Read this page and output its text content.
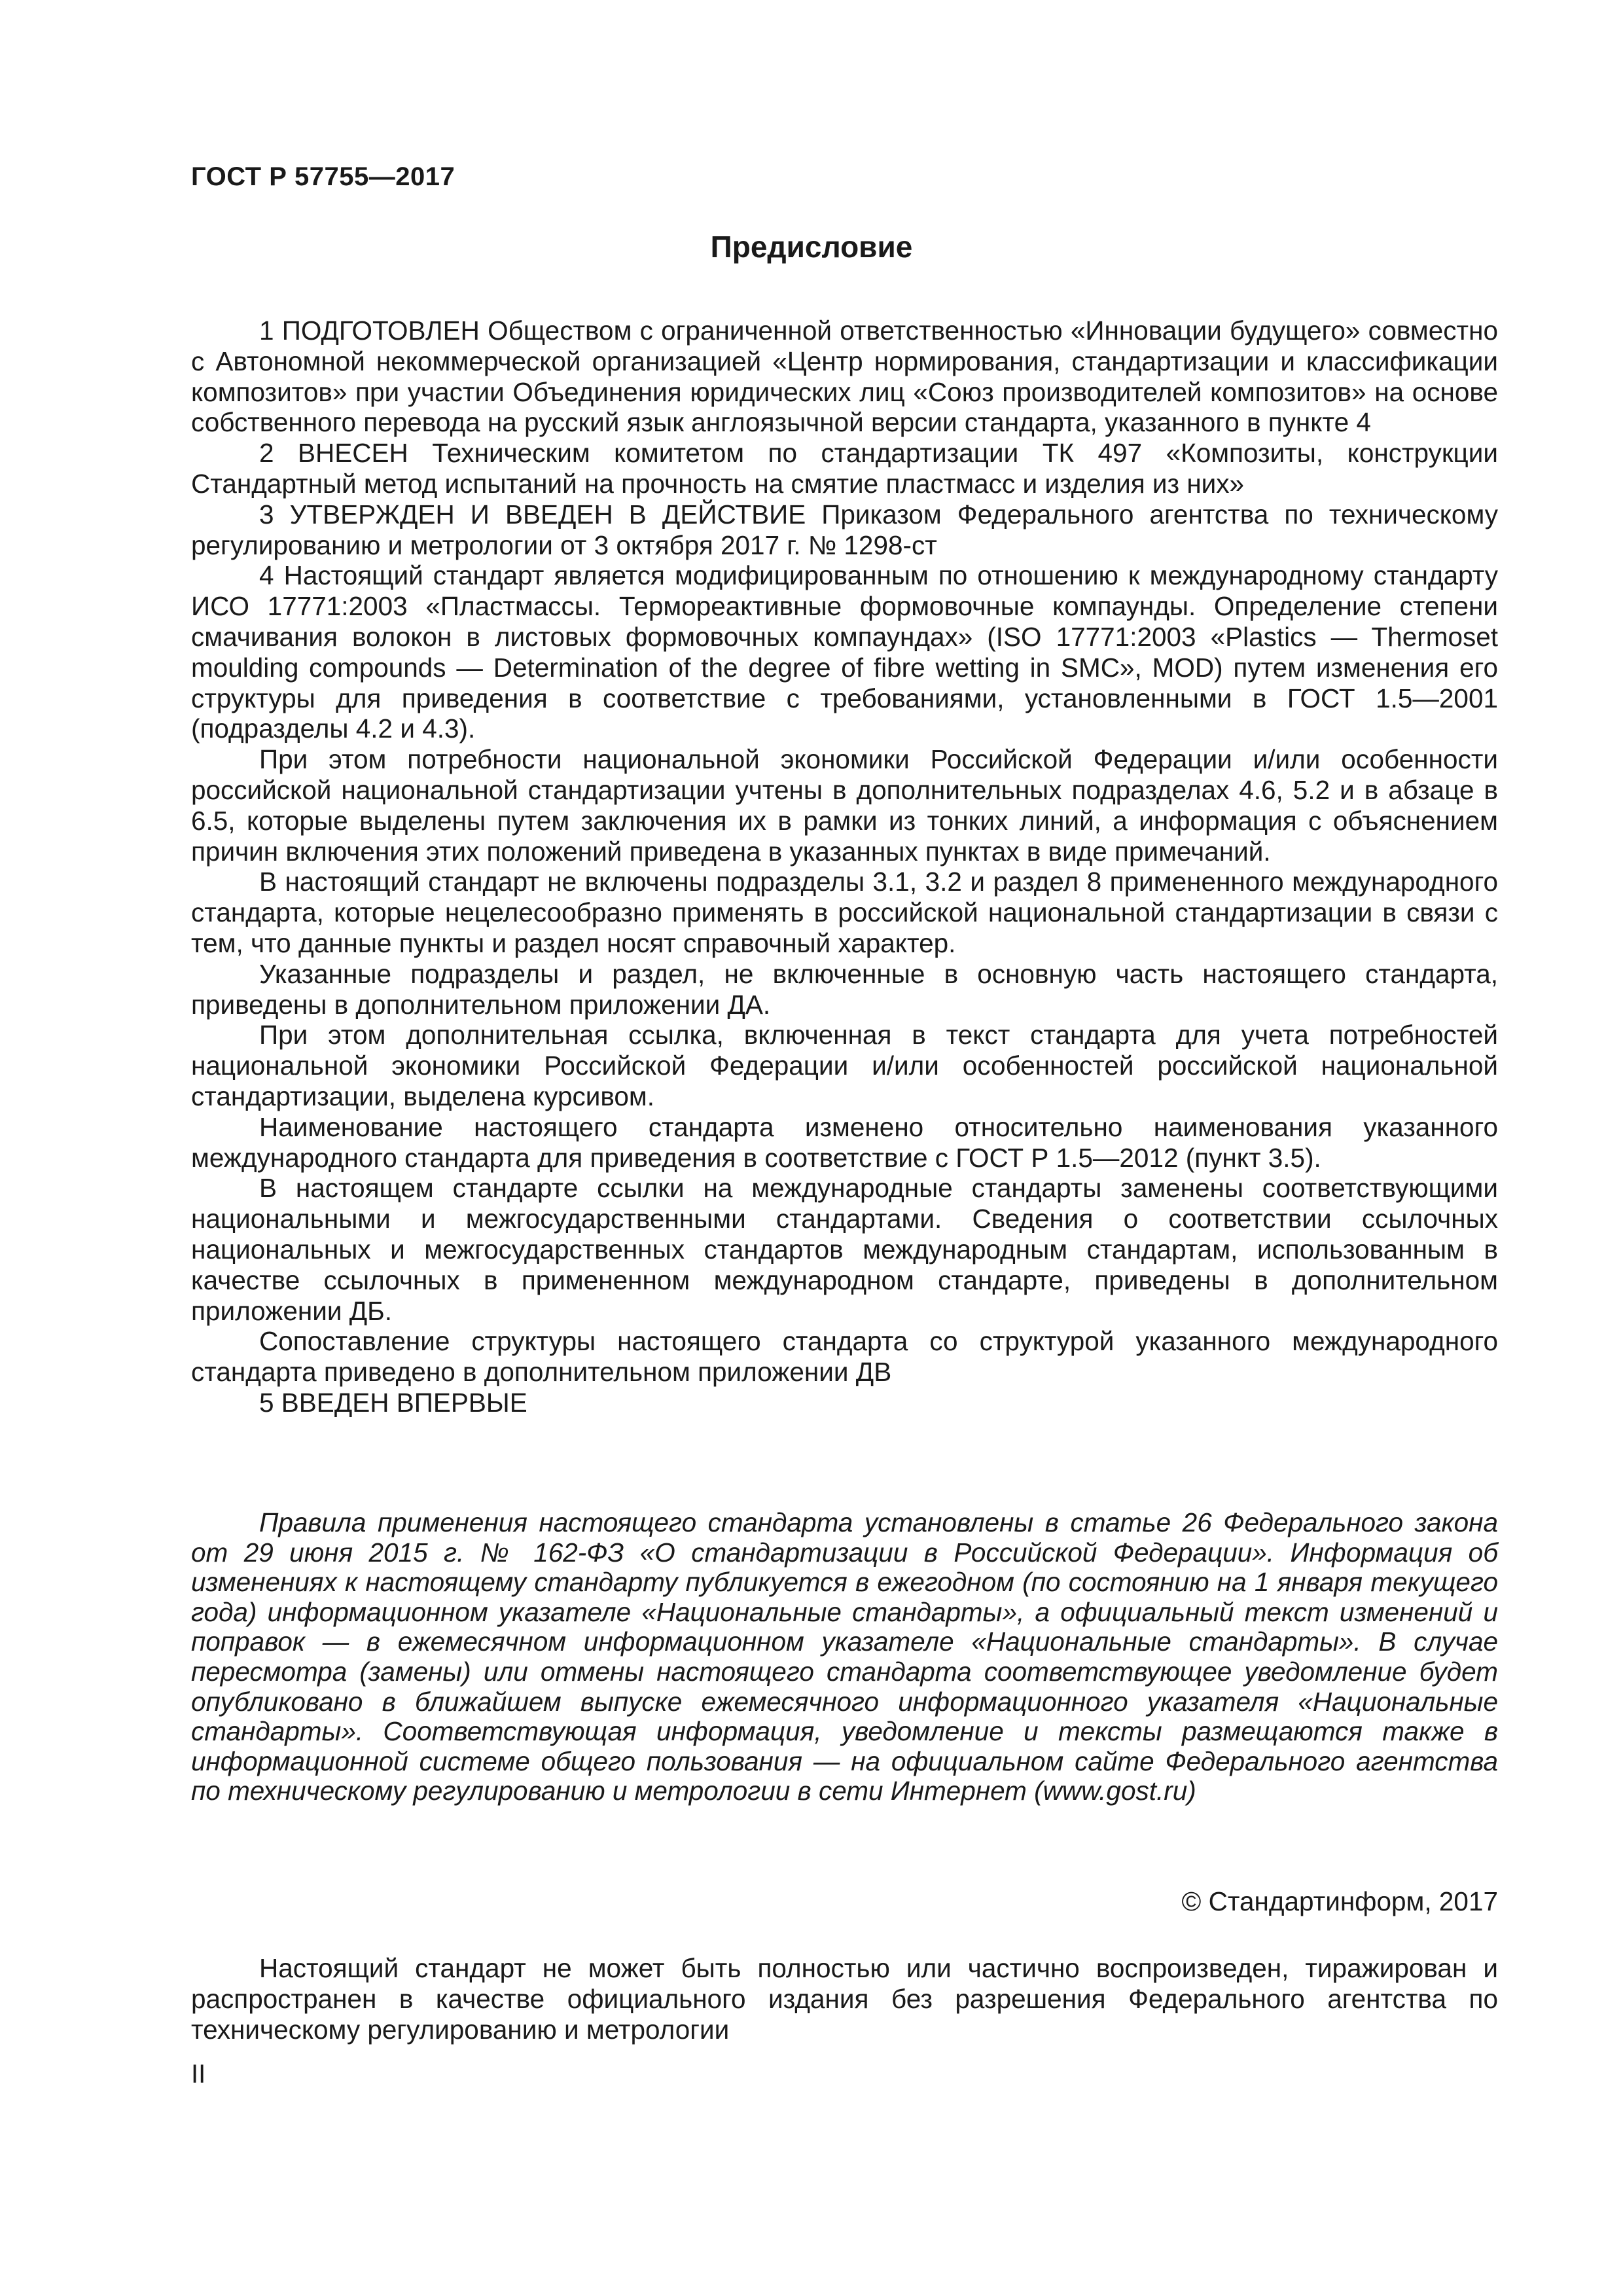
ГОСТ Р 57755—2017

Предисловие

1 ПОДГОТОВЛЕН Обществом с ограниченной ответственностью «Инновации будущего» совместно с Автономной некоммерческой организацией «Центр нормирования, стандартизации и классификации композитов» при участии Объединения юридических лиц «Союз производителей композитов» на основе собственного перевода на русский язык англоязычной версии стандарта, указанного в пункте 4

2 ВНЕСЕН Техническим комитетом по стандартизации ТК 497 «Композиты, конструкции Стандартный метод испытаний на прочность на смятие пластмасс и изделия из них»

3 УТВЕРЖДЕН И ВВЕДЕН В ДЕЙСТВИЕ Приказом Федерального агентства по техническому регулированию и метрологии от 3 октября 2017 г. № 1298-ст

4 Настоящий стандарт является модифицированным по отношению к международному стандарту ИСО 17771:2003 «Пластмассы. Термореактивные формовочные компаунды. Определение степени смачивания волокон в листовых формовочных компаундах» (ISO 17771:2003 «Plastics — Thermoset moulding compounds — Determination of the degree of fibre wetting in SMC», MOD) путем изменения его структуры для приведения в соответствие с требованиями, установленными в ГОСТ 1.5—2001 (подразделы 4.2 и 4.3).

При этом потребности национальной экономики Российской Федерации и/или особенности российской национальной стандартизации учтены в дополнительных подразделах 4.6, 5.2 и в абзаце в 6.5, которые выделены путем заключения их в рамки из тонких линий, а информация с объяснением причин включения этих положений приведена в указанных пунктах в виде примечаний.

В настоящий стандарт не включены подразделы 3.1, 3.2 и раздел 8 примененного международного стандарта, которые нецелесообразно применять в российской национальной стандартизации в связи с тем, что данные пункты и раздел носят справочный характер.

Указанные подразделы и раздел, не включенные в основную часть настоящего стандарта, приведены в дополнительном приложении ДА.

При этом дополнительная ссылка, включенная в текст стандарта для учета потребностей национальной экономики Российской Федерации и/или особенностей российской национальной стандартизации, выделена курсивом.

Наименование настоящего стандарта изменено относительно наименования указанного международного стандарта для приведения в соответствие с ГОСТ Р 1.5—2012 (пункт 3.5).

В настоящем стандарте ссылки на международные стандарты заменены соответствующими национальными и межгосударственными стандартами. Сведения о соответствии ссылочных национальных и межгосударственных стандартов международным стандартам, использованным в качестве ссылочных в примененном международном стандарте, приведены в дополнительном приложении ДБ.

Сопоставление структуры настоящего стандарта со структурой указанного международного стандарта приведено в дополнительном приложении ДВ

5 ВВЕДЕН ВПЕРВЫЕ

Правила применения настоящего стандарта установлены в статье 26 Федерального закона от 29 июня 2015 г. № 162-ФЗ «О стандартизации в Российской Федерации». Информация об изменениях к настоящему стандарту публикуется в ежегодном (по состоянию на 1 января текущего года) информационном указателе «Национальные стандарты», а официальный текст изменений и поправок — в ежемесячном информационном указателе «Национальные стандарты». В случае пересмотра (замены) или отмены настоящего стандарта соответствующее уведомление будет опубликовано в ближайшем выпуске ежемесячного информационного указателя «Национальные стандарты». Соответствующая информация, уведомление и тексты размещаются также в информационной системе общего пользования — на официальном сайте Федерального агентства по техническому регулированию и метрологии в сети Интернет (www.gost.ru)

© Стандартинформ, 2017

Настоящий стандарт не может быть полностью или частично воспроизведен, тиражирован и распространен в качестве официального издания без разрешения Федерального агентства по техническому регулированию и метрологии

II
